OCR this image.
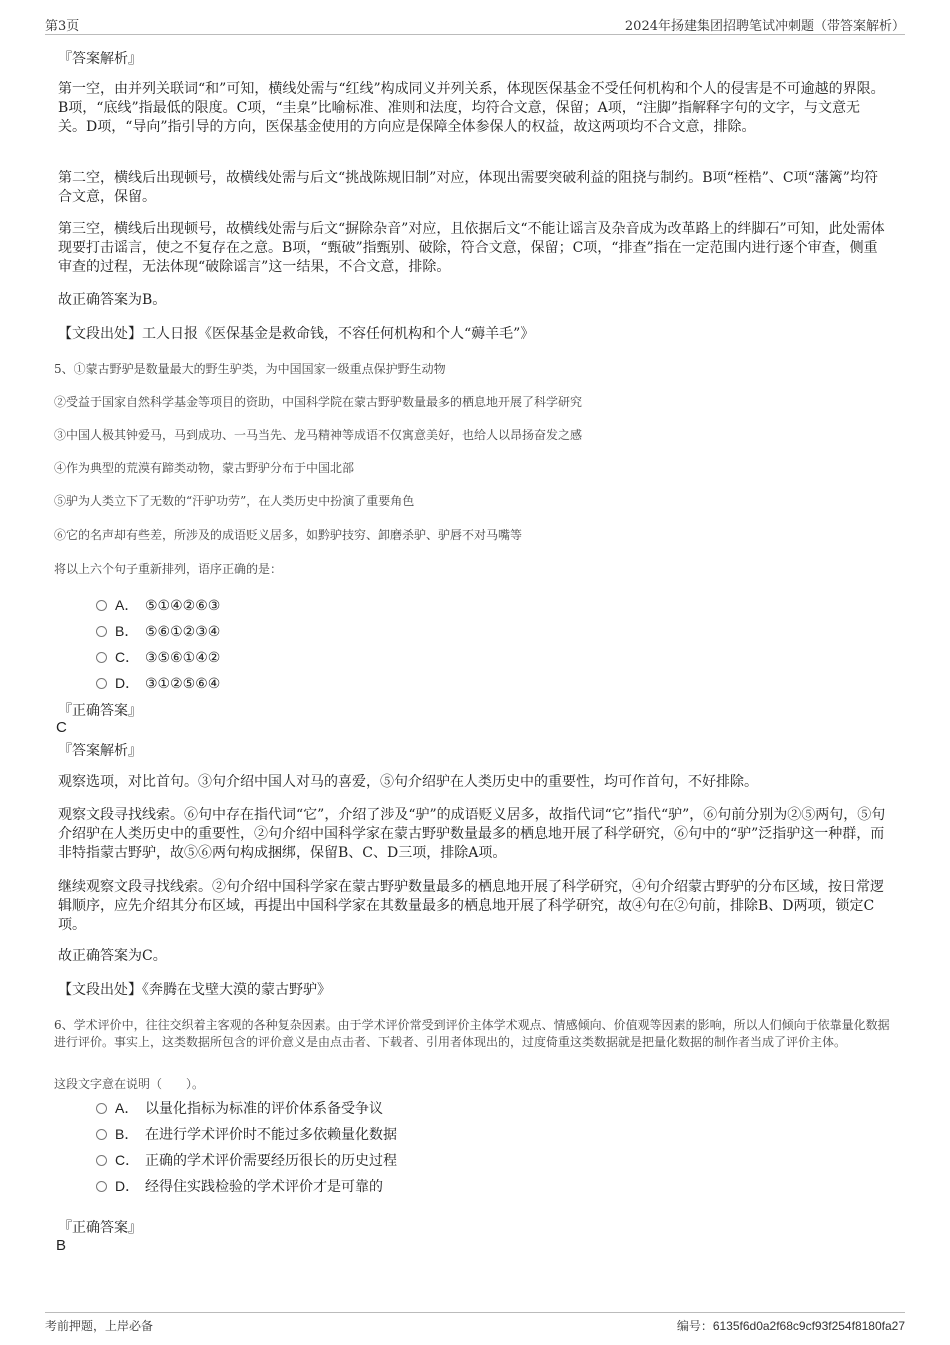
第3页	2024年扬建集团招聘笔试冲刺题（带答案解析）
『答案解析』
第一空，由并列关联词“和”可知，横线处需与“红线”构成同义并列关系，体现医保基金不受任何机构和个人的侵害是不可逾越的界限。B项，“底线”指最低的限度。C项，“圭臬”比喻标准、准则和法度，均符合文意，保留；A项，“注脚”指解释字句的文字，与文意无关。D项，“导向”指引导的方向，医保基金使用的方向应是保障全体参保人的权益，故这两项均不合文意，排除。
第二空，横线后出现顿号，故横线处需与后文“挑战陈规旧制”对应，体现出需要突破利益的阻挠与制约。B项“桎梏”、C项“藩篱”均符合文意，保留。
第三空，横线后出现顿号，故横线处需与后文“摒除杂音”对应，且依据后文“不能让谣言及杂音成为改革路上的绊脚石”可知，此处需体现要打击谣言，使之不复存在之意。B项，“甄破”指甄别、破除，符合文意，保留；C项，“排查”指在一定范围内进行逐个审查，侧重审查的过程，无法体现“破除谣言”这一结果，不合文意，排除。
故正确答案为B。
【文段出处】工人日报《医保基金是救命钱，不容任何机构和个人“薅羊毛”》
5、①蒙古野驴是数量最大的野生驴类，为中国国家一级重点保护野生动物
②受益于国家自然科学基金等项目的资助，中国科学院在蒙古野驴数量最多的栖息地开展了科学研究
③中国人极其钟爱马，马到成功、一马当先、龙马精神等成语不仅寓意美好，也给人以昂扬奋发之感
④作为典型的荒漠有蹄类动物，蒙古野驴分布于中国北部
⑤驴为人类立下了无数的“汗驴功劳”，在人类历史中扮演了重要角色
⑥它的名声却有些差，所涉及的成语贬义居多，如黔驴技穷、卸磨杀驴、驴唇不对马嘴等
将以上六个句子重新排列，语序正确的是：
A． ⑤①④②⑥③
B． ⑤⑥①②③④
C． ③⑤⑥①④②
D． ③①②⑤⑥④
『正确答案』
C
『答案解析』
观察选项，对比首句。③句介绍中国人对马的喜爱，⑤句介绍驴在人类历史中的重要性，均可作首句，不好排除。
观察文段寻找线索。⑥句中存在指代词“它”，介绍了涉及“驴”的成语贬义居多，故指代词“它”指代“驴”，⑥句前分别为②⑤两句，⑤句介绍驴在人类历史中的重要性，②句介绍中国科学家在蒙古野驴数量最多的栖息地开展了科学研究，⑥句中的“驴”泛指驴这一种群，而非特指蒙古野驴，故⑤⑥两句构成捆绑，保留B、C、D三项，排除A项。
继续观察文段寻找线索。②句介绍中国科学家在蒙古野驴数量最多的栖息地开展了科学研究，④句介绍蒙古野驴的分布区域，按日常逻辑顺序，应先介绍其分布区域，再提出中国科学家在其数量最多的栖息地开展了科学研究，故④句在②句前，排除B、D两项，锁定C项。
故正确答案为C。
【文段出处】《奔腾在戈壁大漠的蒙古野驴》
6、学术评价中，往往交织着主客观的各种复杂因素。由于学术评价常受到评价主体学术观点、情感倾向、价值观等因素的影响，所以人们倾向于依靠量化数据进行评价。事实上，这类数据所包含的评价意义是由点击者、下载者、引用者体现出的，过度倚重这类数据就是把量化数据的制作者当成了评价主体。
这段文字意在说明（　　）。
A． 以量化指标为标准的评价体系备受争议
B． 在进行学术评价时不能过多依赖量化数据
C． 正确的学术评价需要经历很长的历史过程
D． 经得住实践检验的学术评价才是可靠的
『正确答案』
B
考前押题，上岸必备	编号：6135f6d0a2f68c9cf93f254f8180fa27
